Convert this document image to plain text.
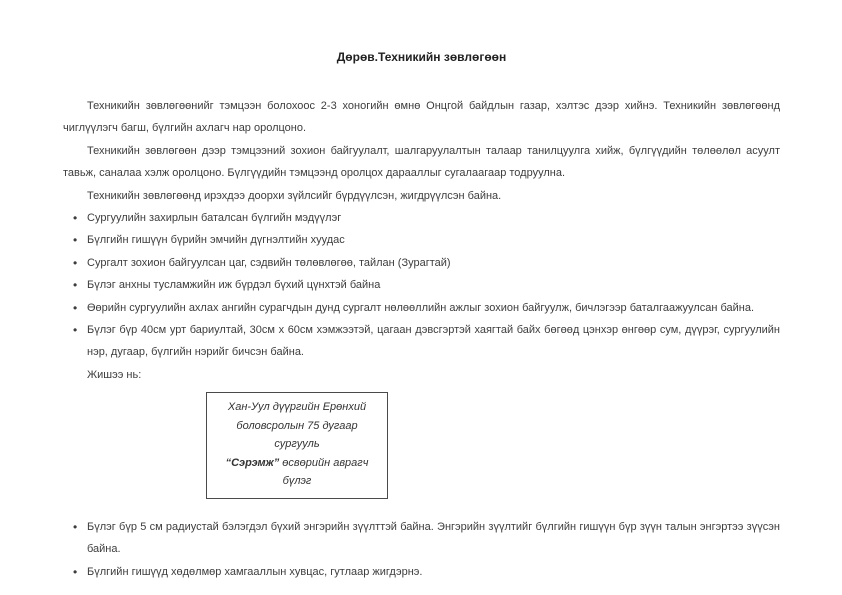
Дөрөв.Техникийн зөвлөгөөн

Техникийн зөвлөгөөнийг тэмцээн болохоос 2-3 хоногийн өмнө Онцгой байдлын газар, хэлтэс дээр хийнэ. Техникийн зөвлөгөөнд чиглүүлэгч багш, бүлгийн ахлагч нар оролцоно.

Техникийн зөвлөгөөн дээр тэмцээний зохион байгуулалт, шалгаруулалтын талаар танилцуулга хийж, бүлгүүдийн төлөөлөл асуулт тавьж, саналаа хэлж оролцоно. Бүлгүүдийн тэмцээнд оролцох дарааллыг сугалаагаар тодруулна.

Техникийн зөвлөгөөнд ирэхдээ доорхи зүйлсийг бүрдүүлсэн, жигдрүүлсэн байна.

• Сургуулийн захирлын баталсан бүлгийн мэдүүлэг
• Бүлгийн гишүүн бүрийн эмчийн дүгнэлтийн хуудас
• Сургалт зохион байгуулсан цаг, сэдвийн төлөвлөгөө, тайлан (Зурагтай)
• Бүлэг анхны тусламжийн иж бүрдэл бүхий цүнхтэй байна
• Өөрийн сургуулийн ахлах ангийн сурагчдын дунд сургалт нөлөөллийн ажлыг зохион байгуулж, бичлэгээр баталгаажуулсан байна.
• Бүлэг бүр 40см урт бариултай, 30см х 60см хэмжээтэй, цагаан дэвсгэртэй хаягтай байх бөгөөд цэнхэр өнгөөр сум, дүүрэг, сургуулийн нэр, дугаар, бүлгийн нэрийг бичсэн байна.
Жишээ нь:
Хан-Уул дүүргийн Ерөнхий
боловсролын 75 дугаар сургууль
“Сэрэмж” өсвөрийн аврагч бүлэг
• Бүлэг бүр 5 см радиустай бэлэгдэл бүхий энгэрийн зүүлттэй байна. Энгэрийн зүүлтийг бүлгийн гишүүн бүр зүүн талын энгэртээ зүүсэн байна.
• Бүлгийн гишүүд хөдөлмөр хамгааллын хувцас, гутлаар жигдэрнэ.
